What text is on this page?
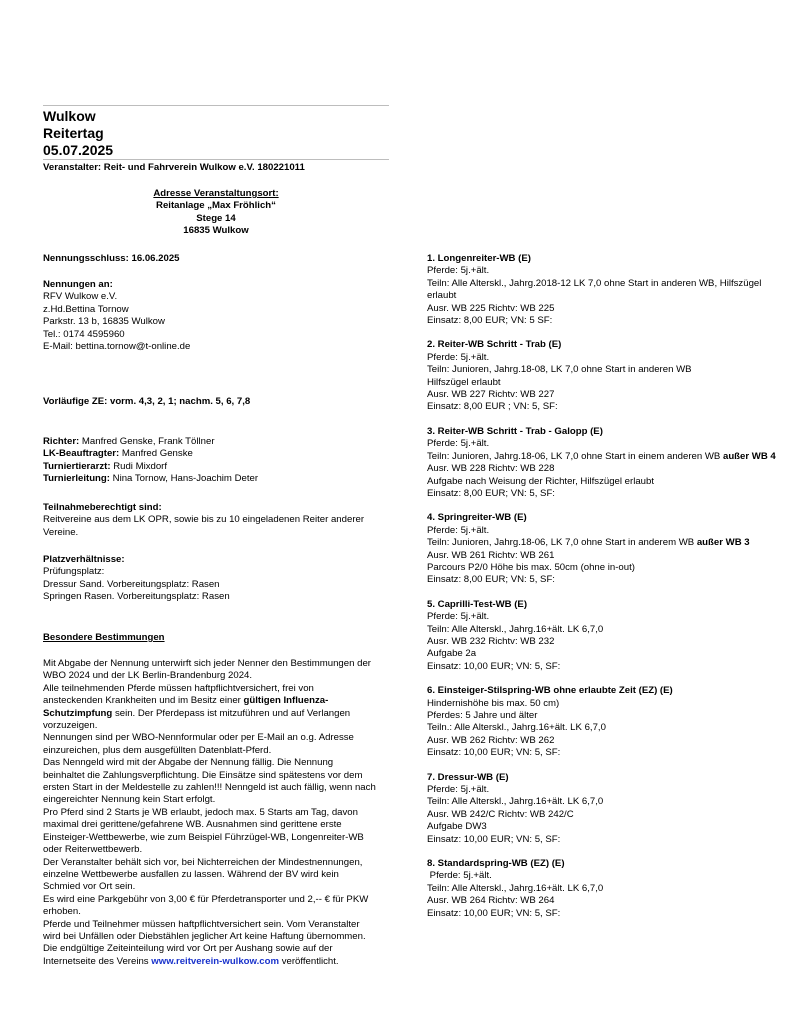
Wulkow
Reitertag
05.07.2025

Veranstalter: Reit- und Fahrverein Wulkow e.V. 180221011

Adresse Veranstaltungsort:

Reitanlage „Max Fröhlich“

Stege 14

16835 Wulkow

Nennungsschluss: 16.06.2025

Nennungen an:

RFV Wulkow e.V.

z.Hd.Bettina Tornow

Parkstr. 13 b, 16835 Wulkow

Tel.: 0174 4595960

E-Mail: bettina.tornow@t-online.de

Vorläufige ZE: vorm. 4,3, 2, 1; nachm. 5, 6, 7,8

Richter: Manfred Genske, Frank Töllner

LK-Beauftragter: Manfred Genske

Turniertierarzt: Rudi Mixdorf

Turnierleitung: Nina Tornow, Hans-Joachim Deter

Teilnahmeberechtigt sind:

Reitvereine aus dem LK OPR, sowie bis zu 10 eingeladenen Reiter anderer Vereine.

Platzverhältnisse:

Prüfungsplatz:

Dressur Sand. Vorbereitungsplatz: Rasen

Springen Rasen. Vorbereitungsplatz: Rasen

Besondere Bestimmungen

Mit Abgabe der Nennung unterwirft sich jeder Nenner den Bestimmungen der WBO 2024 und der LK Berlin-Brandenburg 2024.

Alle teilnehmenden Pferde müssen haftpflichtversichert, frei von ansteckenden Krankheiten und im Besitz einer gültigen Influenza- Schutzimpfung sein. Der Pferdepass ist mitzuführen und auf Verlangen vorzuzeigen.

Nennungen sind per WBO-Nennformular oder per E-Mail an o.g. Adresse einzureichen, plus dem ausgefüllten Datenblatt-Pferd.

Das Nenngeld wird mit der Abgabe der Nennung fällig. Die Nennung beinhaltet die Zahlungsverpflichtung. Die Einsätze sind spätestens vor dem ersten Start in der Meldestelle zu zahlen!!! Nenngeld ist auch fällig, wenn nach eingereichter Nennung kein Start erfolgt.

Pro Pferd sind 2 Starts je WB erlaubt, jedoch max. 5 Starts am Tag, davon maximal drei gerittene/gefahrene WB. Ausnahmen sind gerittene erste Einsteiger-Wettbewerbe, wie zum Beispiel Führzügel-WB, Longenreiter-WB oder Reiterwettbewerb.

Der Veranstalter behält sich vor, bei Nichterreichen der Mindestnennungen, einzelne Wettbewerbe ausfallen zu lassen. Während der BV wird kein Schmied vor Ort sein.

Es wird eine Parkgebühr von 3,00 € für Pferdetransporter und 2,-- € für PKW erhoben.

Pferde und Teilnehmer müssen haftpflichtversichert sein. Vom Veranstalter wird bei Unfällen oder Diebstählen jeglicher Art keine Haftung übernommen.

Die endgültige Zeiteinteilung wird vor Ort per Aushang sowie auf der Internetseite des Vereins www.reitverein-wulkow.com veröffentlicht.

1. Longenreiter-WB (E)

Pferde: 5j.+ält.

Teiln: Alle Alterskl., Jahrg.2018-12 LK 7,0 ohne Start in anderen WB, Hilfszügel

erlaubt

Ausr. WB 225 Richtv: WB 225

Einsatz: 8,00 EUR; VN: 5 SF:

2. Reiter-WB Schritt - Trab (E)

Pferde: 5j.+ält.

Teiln: Junioren, Jahrg.18-08, LK 7,0 ohne Start in anderen WB

Hilfszügel erlaubt

Ausr. WB 227 Richtv: WB 227

Einsatz: 8,00 EUR ; VN: 5, SF:

3. Reiter-WB Schritt - Trab - Galopp (E)

Pferde: 5j.+ält.

Teiln: Junioren, Jahrg.18-06, LK 7,0 ohne Start in einem anderen WB außer WB 4

Ausr. WB 228 Richtv: WB 228

Aufgabe nach Weisung der Richter, Hilfszügel erlaubt

Einsatz: 8,00 EUR; VN: 5, SF:

4. Springreiter-WB (E)

Pferde: 5j.+ält.

Teiln: Junioren, Jahrg.18-06, LK 7,0 ohne Start in anderem WB außer WB 3

Ausr. WB 261 Richtv: WB 261

Parcours P2/0 Höhe bis max. 50cm (ohne in-out)

Einsatz: 8,00 EUR; VN: 5, SF:

5. Caprilli-Test-WB (E)

Pferde: 5j.+ält.

Teiln: Alle Alterskl., Jahrg.16+ält. LK 6,7,0

Ausr. WB 232 Richtv: WB 232

Aufgabe 2a

Einsatz: 10,00 EUR; VN: 5, SF:

6. Einsteiger-Stilspring-WB ohne erlaubte Zeit (EZ) (E)

Hindernishöhe bis max. 50 cm)

Pferdes: 5 Jahre und älter

Teiln.: Alle Alterskl., Jahrg.16+ält. LK 6,7,0

Ausr. WB 262 Richtv: WB 262

Einsatz: 10,00 EUR; VN: 5, SF:

7. Dressur-WB (E)

Pferde: 5j.+ält.

Teiln: Alle Alterskl., Jahrg.16+ält. LK 6,7,0

Ausr. WB 242/C Richtv: WB 242/C

Aufgabe DW3

Einsatz: 10,00 EUR; VN: 5, SF:

8. Standardspring-WB (EZ) (E)

Pferde: 5j.+ält.

Teiln: Alle Alterskl., Jahrg.16+ält. LK 6,7,0

Ausr. WB 264 Richtv: WB 264

Einsatz: 10,00 EUR; VN: 5, SF:
